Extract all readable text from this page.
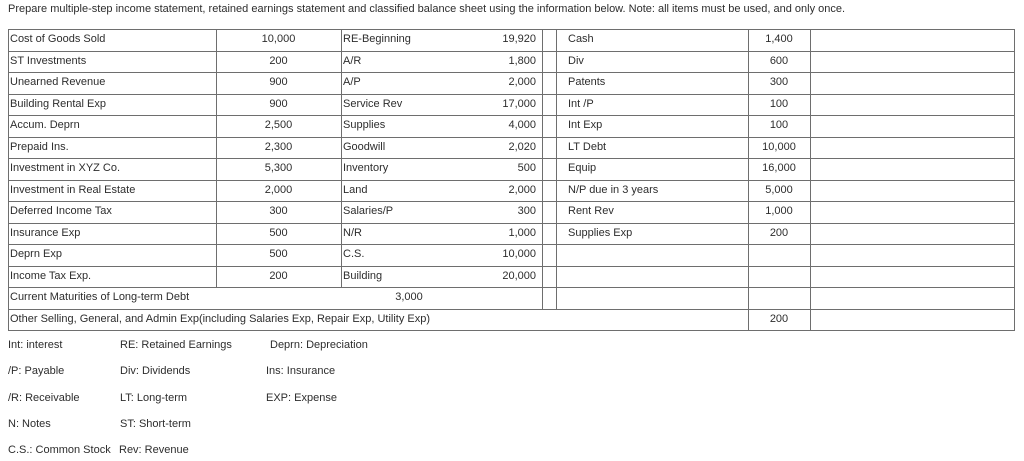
Prepare multiple-step income statement, retained earnings statement and classified balance sheet using the information below. Note: all items must be used, and only once.
Cost of Goods Sold	10,000
ST Investments	200
Unearned Revenue	900
Building Rental Exp	900
Accum. Deprn	2,500
Prepaid Ins.	2,300
Investment in XYZ Co.	5,300
Investment in Real Estate	2,000
Deferred Income Tax	300
Insurance Exp	500
Deprn Exp	500
Income Tax Exp.	200
RE-Beginning	19,920
A/R	1,800
A/P	2,000
Service Rev	17,000
Supplies	4,000
Goodwill	2,020
Inventory	500
Land	2,000
Salaries/P	300
N/R	1,000
C.S.	10,000
Building	20,000
Cash	1,400
Div	600
Patents	300
Int /P	100
Int Exp	100
LT Debt	10,000
Equip	16,000
N/P due in 3 years	5,000
Rent Rev	1,000
Supplies Exp	200
Current Maturities of Long-term Debt	3,000
Other Selling, General, and Admin Exp(including Salaries Exp, Repair Exp, Utility Exp)	200
Int: interest	RE: Retained Earnings	Deprn: Depreciation
/P: Payable	Div: Dividends	Ins: Insurance
/R: Receivable	LT: Long-term	EXP: Expense
N: Notes	ST: Short-term
C.S.: Common Stock Rev: Revenue
